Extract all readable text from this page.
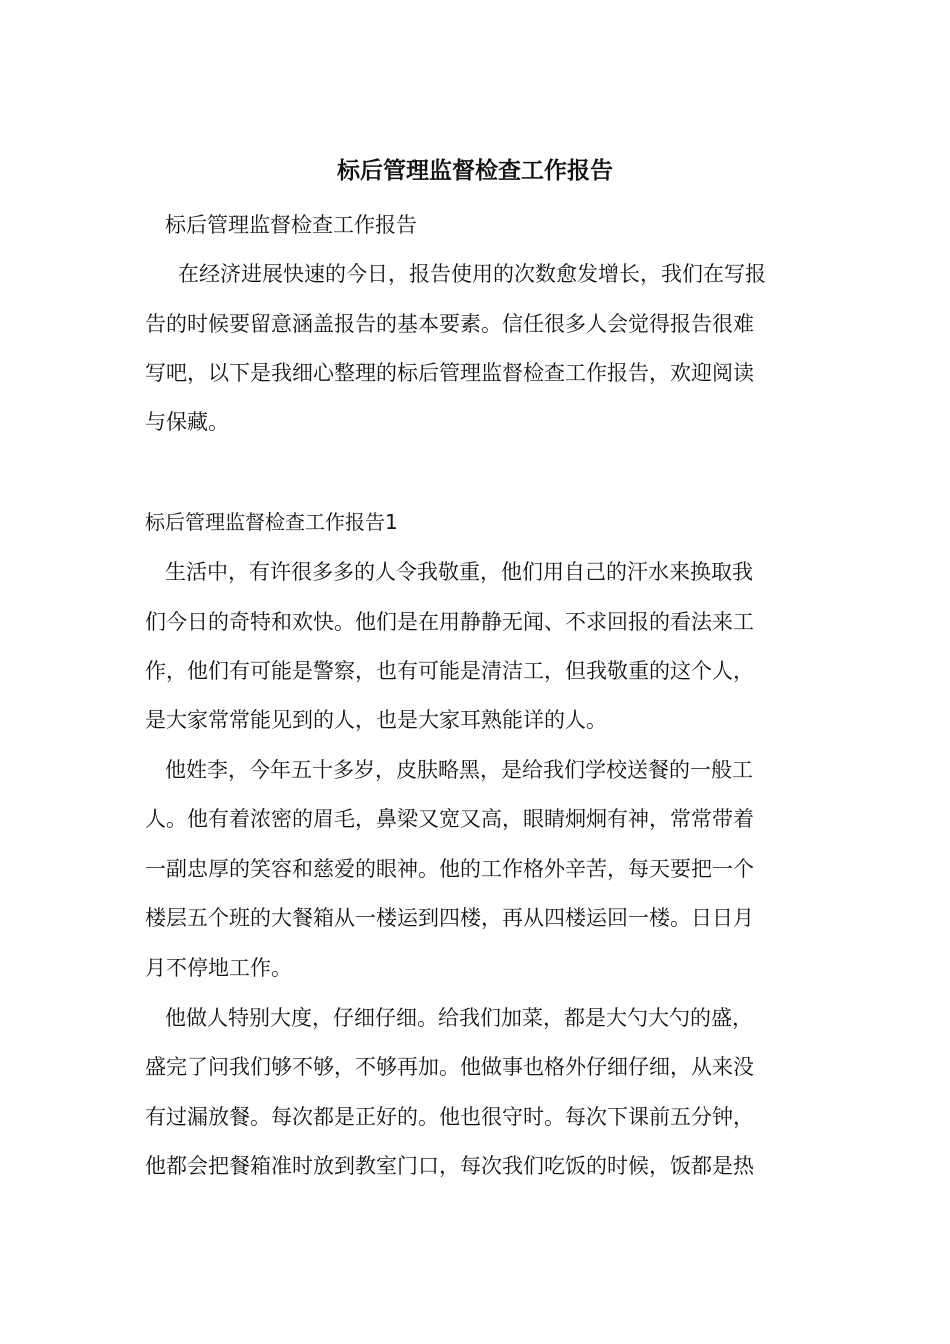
标后管理监督检查工作报告
标后管理监督检查工作报告
在经济进展快速的今日，报告使用的次数愈发增长，我们在写报
告的时候要留意涵盖报告的基本要素。信任很多人会觉得报告很难
写吧，以下是我细心整理的标后管理监督检查工作报告，欢迎阅读
与保藏。
标后管理监督检查工作报告1
生活中，有许很多多的人令我敬重，他们用自己的汗水来换取我
们今日的奇特和欢快。他们是在用静静无闻、不求回报的看法来工
作，他们有可能是警察，也有可能是清洁工，但我敬重的这个人，
是大家常常能见到的人，也是大家耳熟能详的人。
他姓李，今年五十多岁，皮肤略黑，是给我们学校送餐的一般工
人。他有着浓密的眉毛，鼻梁又宽又高，眼睛炯炯有神，常常带着
一副忠厚的笑容和慈爱的眼神。他的工作格外辛苦，每天要把一个
楼层五个班的大餐箱从一楼运到四楼，再从四楼运回一楼。日日月
月不停地工作。
他做人特别大度，仔细仔细。给我们加菜，都是大勺大勺的盛，
盛完了问我们够不够，不够再加。他做事也格外仔细仔细，从来没
有过漏放餐。每次都是正好的。他也很守时。每次下课前五分钟，
他都会把餐箱准时放到教室门口，每次我们吃饭的时候，饭都是热
